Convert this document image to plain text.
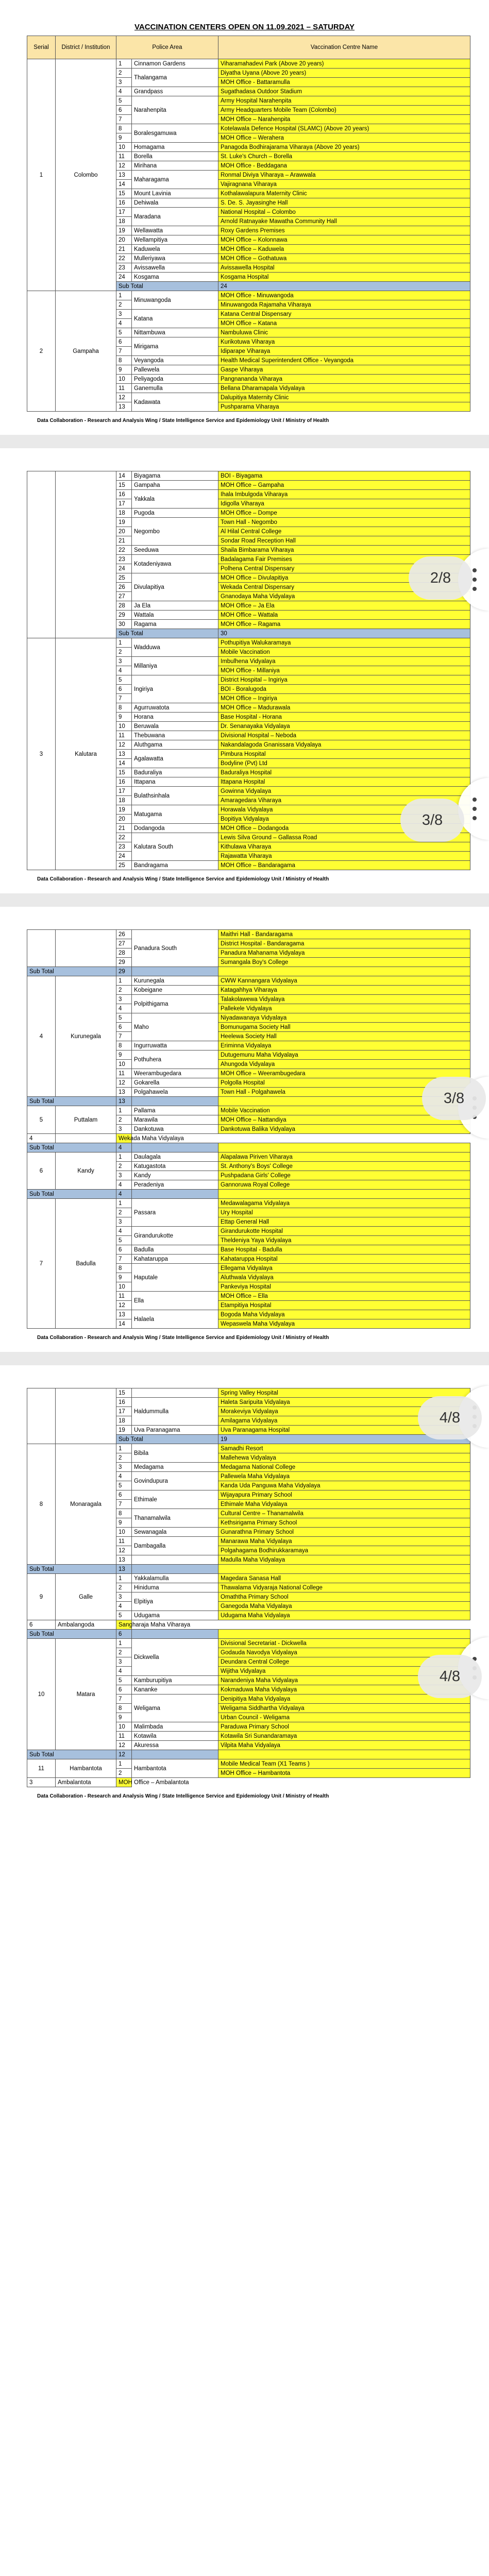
VACCINATION CENTERS OPEN ON 11.09.2021 – SATURDAY
Serial	District / Institution	Police Area		Vaccination Centre Name	
1	Colombo	1	Cinnamon Gardens	Viharamahadevi Park (Above 20 years)	
		2	Thalangama	Diyatha Uyana (Above 20 years)	
		3		MOH Office - Battaramulla	
		4	Grandpass	Sugathadasa Outdoor Stadium	
		5	Narahenpita	Army Hospital Narahenpita	
		6		Army Headquarters Mobile Team (Colombo)	
		7		MOH Office – Narahenpita	
		8	Boralesgamuwa	Kotelawala Defence Hospital (SLAMC) (Above 20 years)	
		9		MOH Office – Werahera	
		10	Homagama	Panagoda Bodhirajarama Viharaya (Above 20 years)	
		11	Borella	St. Luke's Church – Borella	
		12	Mirihana	MOH Office - Beddagana	
		13	Maharagama	Ronmal Diviya Viharaya – Arawwala	
		14		Vajiragnana Viharaya	
		15	Mount Lavinia	Kothalawalapura Maternity Clinic	
		16	Dehiwala	S. De. S. Jayasinghe Hall	
		17	Maradana	National Hospital – Colombo	
		18		Arnold Ratnayake Mawatha Community Hall	
		19	Wellawatta	Roxy Gardens Premises	
		20	Wellampitiya	MOH Office – Kolonnawa	
		21	Kaduwela	MOH Office – Kaduwela	
		22	Mulleriyawa	MOH Office – Gothatuwa	
		23	Avissawella	Avissawella Hospital	
		24	Kosgama	Kosgama Hospital	
		Sub Total		24		
2	Gampaha	1	Minuwangoda	MOH Office - Minuwangoda	
		2		Minuwangoda Rajamaha Viharaya	
		3	Katana	Katana Central Dispensary	
		4		MOH Office – Katana	
		5	Nittambuwa	Nambuluwa Clinic	
		6	Mirigama	Kurikotuwa Viharaya	
		7		Idiparape Viharaya	
		8	Veyangoda	Health Medical Superintendent Office - Veyangoda	
		9	Pallewela	Gaspe Viharaya	
		10	Peliyagoda	Pangnananda Viharaya	
		11	Ganemulla	Bellana Dharamapala Vidyalaya	
		12	Kadawata	Dalupitiya Maternity Clinic	
		13		Pushparama Viharaya	
Data Collaboration - Research and Analysis Wing / State Intelligence Service and Epidemiology Unit / Ministry of Health
		14	Biyagama	BOI - Biyagama	
		15	Gampaha	MOH Office – Gampaha	
		16	Yakkala	Ihala Imbulgoda Viharaya	
		17		Idigolla Viharaya	
		18	Pugoda	MOH Office – Dompe	
		19	Negombo	Town Hall - Negombo	
		20		Al Hilal Central College	
		21		Sondar Road Reception Hall	
		22	Seeduwa	Shaila Bimbarama Viharaya	
		23	Kotadeniyawa	Badalagama Fair Premises	
		24		Polhena Central Dispensary	
		25	Divulapitiya	MOH Office – Divulapitiya	
		26		Wekada Central Dispensary	
		27		Gnanodaya Maha Vidyalaya	
		28	Ja Ela	MOH Office – Ja Ela	
		29	Wattala	MOH Office – Wattala	
		30	Ragama	MOH Office – Ragama	
		Sub Total		30		
3	Kalutara	1	Wadduwa	Pothupitiya Walukaramaya	
		2		Mobile Vaccination	
		3	Millaniya	Imbulhena Vidyalaya	
		4		MOH Office - Millaniya	
		5	Ingiriya	District Hospital – Ingiriya	
		6		BOI - Boralugoda	
		7		MOH Office – Ingiriya	
		8	Agurruwatota	MOH Office – Madurawala	
		9	Horana	Base Hospital - Horana	
		10	Beruwala	Dr. Senanayaka Vidyalaya	
		11	Thebuwana	Divisional Hospital – Neboda	
		12	Aluthgama	Nakandalagoda Gnanissara Vidyalaya	
		13	Agalawatta	Pimbura Hospital	
		14		Bodyline (Pvt) Ltd	
		15	Baduraliya	Baduraliya Hospital	
		16	Ittapana	Ittapana Hospital	
		17	Bulathsinhala	Gowinna Vidyalaya	
		18		Amaragedara Viharaya	
		19	Matugama	Horawala Vidyalaya	
		20		Bopitiya Vidyalaya	
		21	Dodangoda	MOH Office – Dodangoda	
		22	Kalutara South	Lewis Silva Ground – Gallassa Road	
		23		Kithulawa Viharaya	
		24		Rajawatta Viharaya	
		25	Bandragama	MOH Office – Bandaragama	
Data Collaboration - Research and Analysis Wing / State Intelligence Service and Epidemiology Unit / Ministry of Health
2/8
3/8
		26	Panadura South	Maithri Hall - Bandaragama
		27		District Hospital - Bandaragama
		28		Panadura Mahanama Vidyalaya
		29		Sumangala Boy's College
Sub Total		29		
4	Kurunegala	1	Kurunegala	CWW Kannangara Vidyalaya
		2	Kobeigane	Katagahhya Viharaya
		3	Polpithigama	Talakolawewa Vidyalaya
		4		Pallekele Vidyalaya
		5	Maho	Niyadawanaya Vidyalaya
		6		Bomunugama Society Hall
		7		Heelewa Society Hall
		8	Ingurruwatta	Eriminna Vidyalaya
		9	Pothuhera	Dutugemunu Maha Vidyalaya
		10		Ahungoda Vidyalaya
		11	Weerambugedara	MOH Office – Weerambugedara
		12	Gokarella	Polgolla Hospital
		13	Polgahawela	Town Hall - Polgahawela
Sub Total		13		
5	Puttalam	1	Pallama	Mobile Vaccination
		2	Marawila	MOH Office – Nattandiya
		3	Dankotuwa	Dankotuwa Balika Vidyalaya
4		Wekada Maha Vidyalaya		
Sub Total		4		
6	Kandy	1	Daulagala	Alapalawa Piriven Viharaya
		2	Katugastota	St. Anthony's Boys' College
		3	Kandy	Pushpadana Girls' College
		4	Peradeniya	Gannoruwa Royal College
Sub Total		4		
7	Badulla	1	Passara	Medawalagama Vidyalaya
		2		Ury Hospital
		3		Ettap General Hall
		4	Girandurukotte	Girandurukotte Hospital
		5		Theldeniya Yaya Vidyalaya
		6	Badulla	Base Hospital - Badulla
		7	Kahataruppa	Kahataruppa Hospital
		8	Haputale	Ellegama Vidyalaya
		9		Aluthwala Vidyalaya
		10		Pankeviya Hospital
		11	Ella	MOH Office – Ella
		12		Etampitiya Hospital
		13	Halaela	Bogoda Maha Vidyalaya
		14		Wepaswela Maha Vidyalaya
Data Collaboration - Research and Analysis Wing / State Intelligence Service and Epidemiology Unit / Ministry of Health
3/8
		15		Spring Valley Hospital	
		16	Haldummulla	Haleta Saripuita Vidyalaya	
		17		Morakeviya Vidyalaya	
		18		Amilagama Vidyalaya	
		19	Uva Paranagama	Uva Paranagama Hospital	
		Sub Total		19		
8	Monaragala	1	Bibila	Samadhi Resort	
		2		Mallehewa Vidyalaya	
		3	Medagama	Medagama National College	
		4	Govindupura	Pallewela Maha Vidyalaya	
		5		Kanda Uda Panguwa Maha Vidyalaya	
		6	Ethimale	Wijayapura Primary School	
		7		Ethimale Maha Vidyalaya	
		8	Thanamalwila	Cultural Centre – Thanamalwila	
		9		Kethsirigama Primary School	
		10	Sewanagala	Gunarathna Primary School	
		11	Dambagalla	Manarawa Maha Vidyalaya	
		12		Polgahagama Bodhirukkaramaya	
		13		Madulla Maha Vidyalaya	
Sub Total		13			
9	Galle	1	Yakkalamulla	Magedara Sanasa Hall	
		2	Hiniduma	Thawalama Vidyaraja National College	
		3	Elpitiya	Omaththa Primary School	
		4		Ganegoda Maha Vidyalaya	
		5	Udugama	Udugama Maha Vidyalaya	
6	Ambalangoda	Sangharaja Maha Viharaya			
Sub Total		6			
10	Matara	1	Dickwella	Divisional Secretariat - Dickwella	
		2		Godauda Navodya Vidyalaya	
		3		Deundara Central College	
		4		Wijitha Vidyalaya	
		5	Kamburupitiya	Narandeniya Maha Vidyalaya	
		6	Kananke	Kokmaduwa Maha Vidyalaya	
		7	Weligama	Denipitiya Maha Vidyalaya	
		8		Weligama Siddhartha Vidyalaya	
		9		Urban Council - Weligama	
		10	Malimbada	Paraduwa Primary School	
		11	Kotawila	Kotawila Sri Sunandaramaya	
		12	Akuressa	Vilpita Maha Vidyalaya	
Sub Total		12			
11	Hambantota	1	Hambantota	Mobile Medical Team (X1 Teams )	
		2		MOH Office – Hambantota	
3	Ambalantota	MOH Office – Ambalantota			
Data Collaboration - Research and Analysis Wing / State Intelligence Service and Epidemiology Unit / Ministry of Health
4/8
4/8
